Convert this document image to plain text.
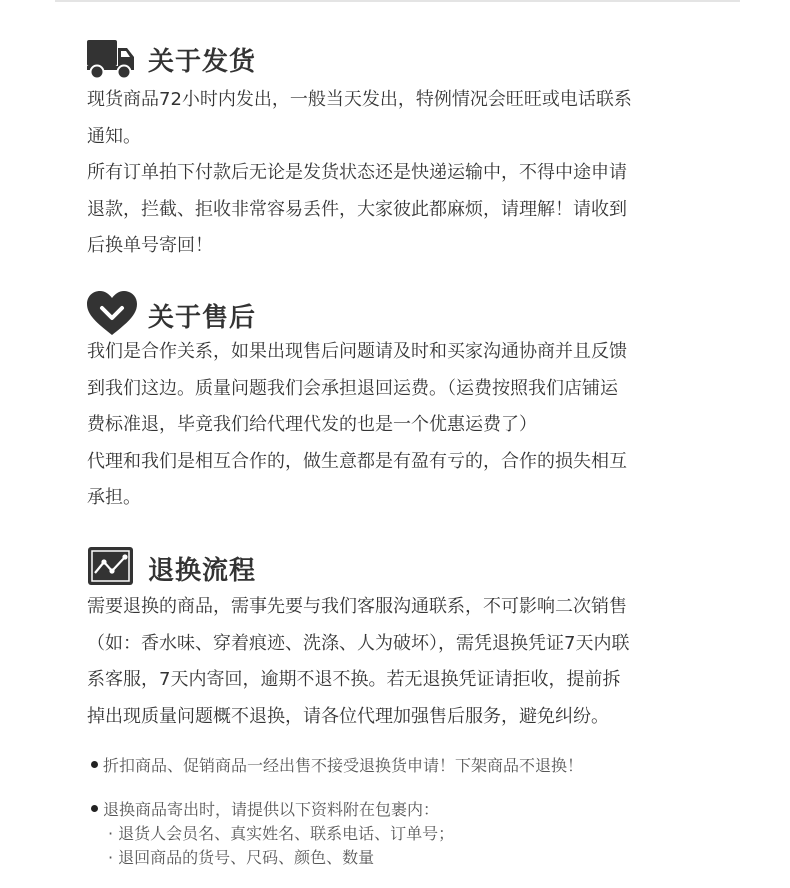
关于发货

现货商品72小时内发出，一般当天发出，特例情况会旺旺或电话联系

通知。

所有订单拍下付款后无论是发货状态还是快递运输中，不得中途申请

退款，拦截、拒收非常容易丢件，大家彼此都麻烦，请理解！请收到

后换单号寄回！

关于售后

我们是合作关系，如果出现售后问题请及时和买家沟通协商并且反馈

到我们这边。质量问题我们会承担退回运费。（运费按照我们店铺运

费标准退，毕竟我们给代理代发的也是一个优惠运费了）

代理和我们是相互合作的，做生意都是有盈有亏的，合作的损失相互

承担。

退换流程

需要退换的商品，需事先要与我们客服沟通联系，不可影响二次销售

（如：香水味、穿着痕迹、洗涤、人为破坏），需凭退换凭证7天内联

系客服，7天内寄回，逾期不退不换。若无退换凭证请拒收，提前拆

掉出现质量问题概不退换，请各位代理加强售后服务，避免纠纷。

折扣商品、促销商品一经出售不接受退换货申请！下架商品不退换！
退换商品寄出时，请提供以下资料附在包裹内：
· 退货人会员名、真实姓名、联系电话、订单号；
· 退回商品的货号、尺码、颜色、数量
